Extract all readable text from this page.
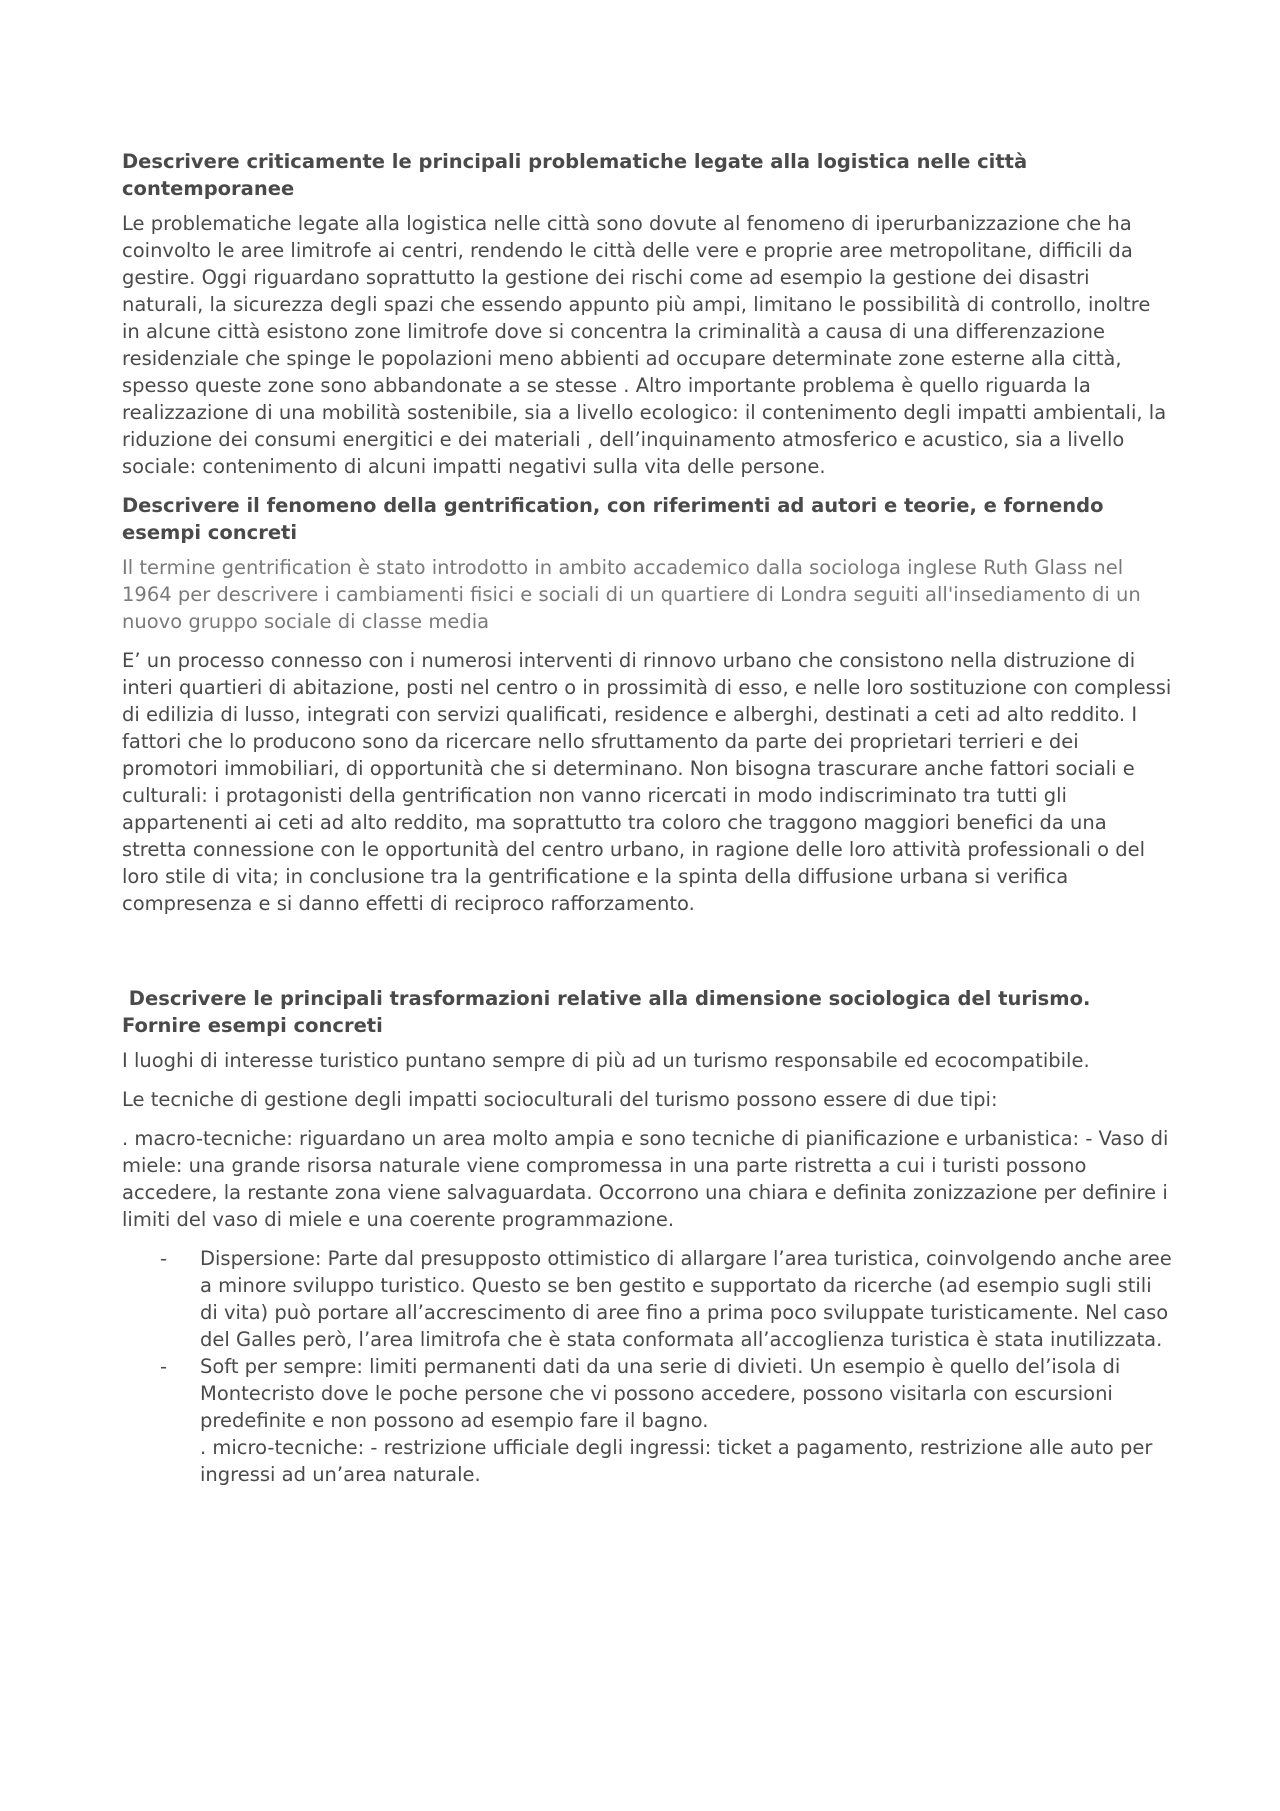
Descrivere criticamente le principali problematiche legate alla logistica nelle città contemporanee
Le problematiche legate alla logistica nelle città sono dovute al fenomeno di iperurbanizzazione che ha coinvolto le aree limitrofe ai centri, rendendo le città delle vere e proprie aree metropolitane, difficili da gestire. Oggi riguardano soprattutto la gestione dei rischi come ad esempio la gestione dei disastri naturali, la sicurezza degli spazi che essendo appunto più ampi, limitano le possibilità di controllo, inoltre in alcune città esistono zone limitrofe dove si concentra la criminalità a causa di una differenzazione residenziale che spinge le popolazioni meno abbienti ad occupare determinate zone esterne alla città, spesso queste zone sono abbandonate a se stesse . Altro importante problema è quello riguarda la realizzazione di una mobilità sostenibile, sia a livello ecologico: il contenimento degli impatti ambientali, la riduzione dei consumi energitici e dei materiali , dell’inquinamento atmosferico e acustico, sia a livello sociale: contenimento di alcuni impatti negativi sulla vita delle persone.
Descrivere il fenomeno della gentrification, con riferimenti ad autori e teorie, e fornendo esempi concreti
Il termine gentrification è stato introdotto in ambito accademico dalla sociologa inglese Ruth Glass nel 1964 per descrivere i cambiamenti fisici e sociali di un quartiere di Londra seguiti all'insediamento di un nuovo gruppo sociale di classe media
E’ un processo connesso con i numerosi interventi di rinnovo urbano che consistono nella distruzione di interi quartieri di abitazione, posti nel centro o in prossimità di esso, e nelle loro sostituzione con complessi di edilizia di lusso, integrati con servizi qualificati, residence e alberghi, destinati a ceti ad alto reddito. I fattori che lo producono sono da ricercare nello sfruttamento da parte dei proprietari terrieri e dei promotori immobiliari, di opportunità che si determinano. Non bisogna trascurare anche fattori sociali e culturali: i protagonisti della gentrification non vanno ricercati in modo indiscriminato tra tutti gli appartenenti ai ceti ad alto reddito, ma soprattutto tra coloro che traggono maggiori benefici da una stretta connessione con le opportunità del centro urbano, in ragione delle loro attività professionali o del loro stile di vita; in conclusione tra la gentrificatione e la spinta della diffusione urbana si verifica compresenza e si danno effetti di reciproco rafforzamento.
Descrivere le principali trasformazioni relative alla dimensione sociologica del turismo. Fornire esempi concreti
I luoghi di interesse turistico puntano sempre di più ad un turismo responsabile ed ecocompatibile.
Le tecniche di gestione degli impatti socioculturali del turismo possono essere di due tipi:
. macro-tecniche: riguardano un area molto ampia e sono tecniche di pianificazione e urbanistica: - Vaso di miele: una grande risorsa naturale viene compromessa in una parte ristretta a cui i turisti possono accedere, la restante zona viene salvaguardata. Occorrono una chiara e definita zonizzazione per definire i limiti del vaso di miele e una coerente programmazione.
- Dispersione: Parte dal presupposto ottimistico di allargare l’area turistica, coinvolgendo anche aree a minore sviluppo turistico. Questo se ben gestito e supportato da ricerche (ad esempio sugli stili di vita) può portare all’accrescimento di aree fino a prima poco sviluppate turisticamente. Nel caso del Galles però, l’area limitrofa che è stata conformata all’accoglienza turistica è stata inutilizzata.
- Soft per sempre: limiti permanenti dati da una serie di divieti. Un esempio è quello del’isola di Montecristo dove le poche persone che vi possono accedere, possono visitarla con escursioni predefinite e non possono ad esempio fare il bagno.
. micro-tecniche: - restrizione ufficiale degli ingressi: ticket a pagamento, restrizione alle auto per ingressi ad un’area naturale.
